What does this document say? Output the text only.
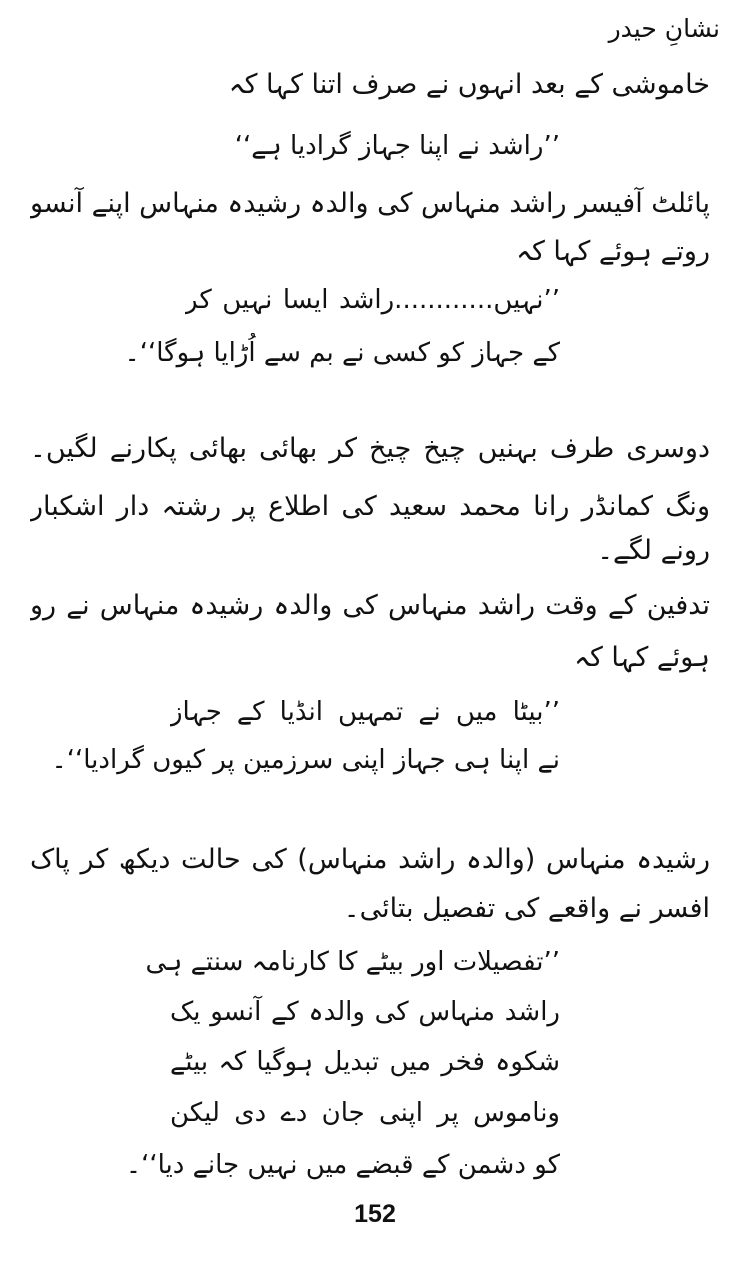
نشانِ حیدر
خاموشی کے بعد انہوں نے صرف اتنا کہا کہ
’’راشد نے اپنا جہاز گرادیا ہے‘‘
پائلٹ آفیسر راشد منہاس کی والدہ رشیدہ منہاس اپنے آنسو
روتے ہوئے کہا کہ
’’نہیں............راشد ایسا نہیں کر
کے جہاز کو کسی نے بم سے اُڑایا ہوگا‘‘۔
دوسری طرف بہنیں چیخ چیخ کر بھائی بھائی پکارنے لگیں۔
ونگ کمانڈر رانا محمد سعید کی اطلاع پر رشتہ دار اشکبار
رونے لگے۔
تدفین کے وقت راشد منہاس کی والدہ رشیدہ منہاس نے رو
ہوئے کہا کہ
’’بیٹا میں نے تمہیں انڈیا کے جہاز
نے اپنا ہی جہاز اپنی سرزمین پر کیوں گرادیا‘‘۔
رشیدہ منہاس (والدہ راشد منہاس) کی حالت دیکھ کر پاک
افسر نے واقعے کی تفصیل بتائی۔
’’تفصیلات اور بیٹے کا کارنامہ سنتے ہی
راشد منہاس کی والدہ کے آنسو یک
شکوہ فخر میں تبدیل ہوگیا کہ بیٹے
وناموس پر اپنی جان دے دی لیکن
کو دشمن کے قبضے میں نہیں جانے دیا‘‘۔
152
